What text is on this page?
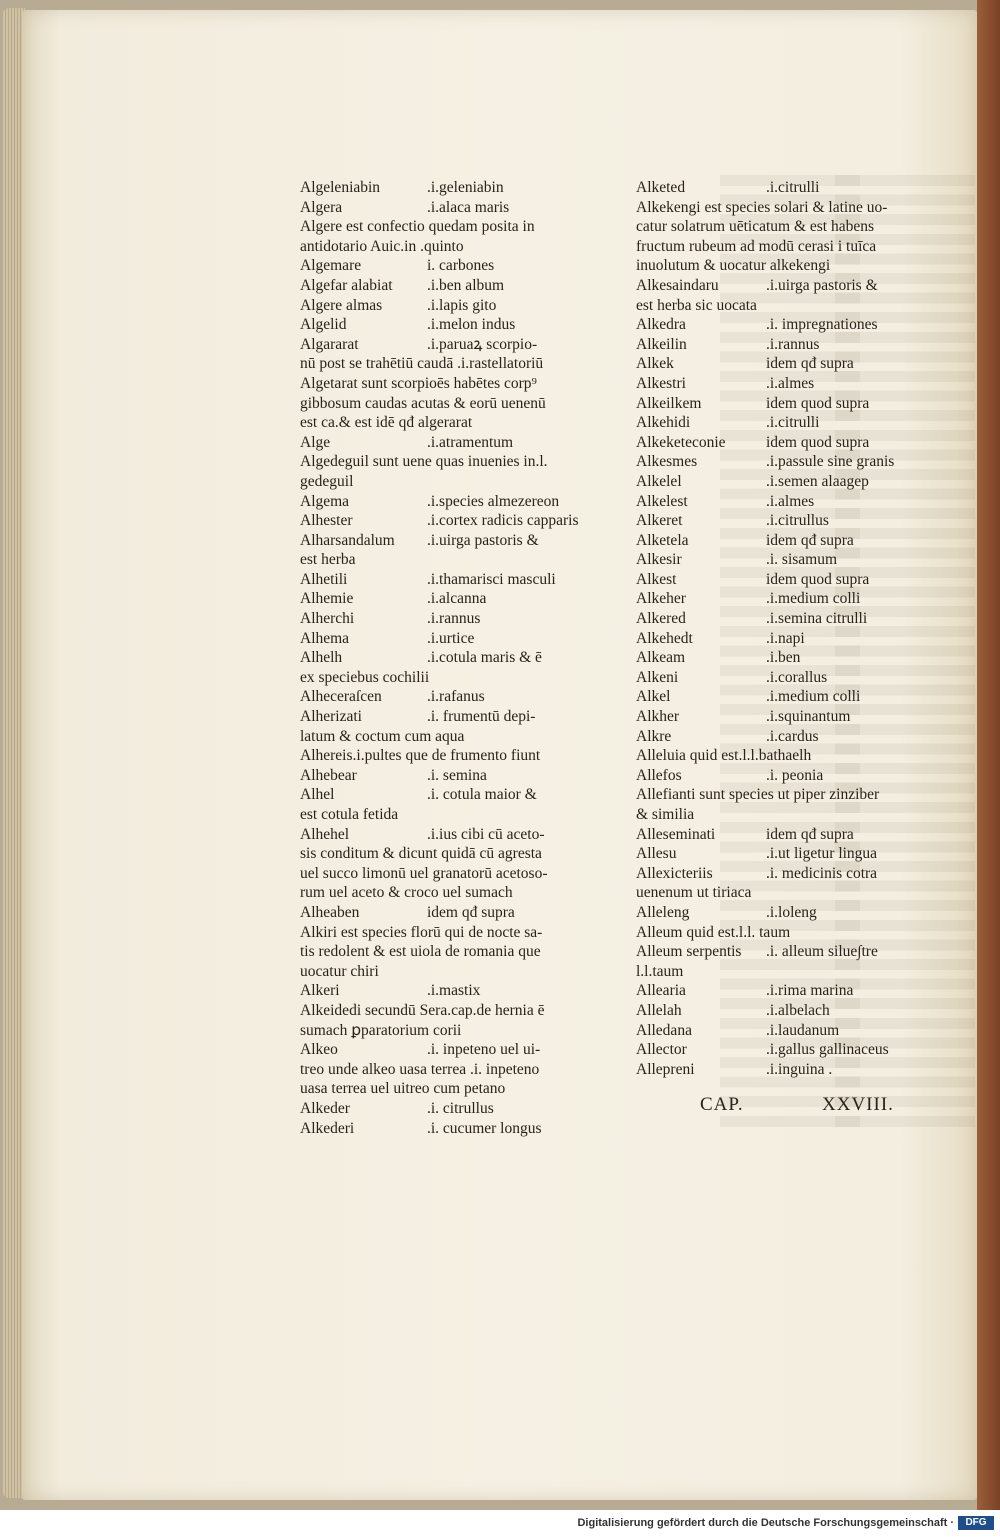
Algeleniabin	.i.geleniabin
Algera	.i.alaca maris
Algere est confectio quedam posita in
antidotario Auic.in .quinto
Algemare	i. carbones
Algefar alabiat .i.ben album
Algere almas	.i.lapis gito
Algelid	.i.melon indus
Algararat	.i.paruaꝝ scorpio-
nū post se trahētiū caudā .i.rastellatoriū
Algetarat sunt scorpioēs habētes corp⁹
gibbosum caudas acutas & eorū uenenū
est ca.& est idē qđ algerarat
Alge	.i.atramentum
Algedeguil sunt uene quas inuenies in.l.
gedeguil
Algema	.i.species almezereon
Alhester	.i.cortex radicis capparis
Alharsandalum .i.uirga pastoris &
est herba
Alhetili	.i.thamarisci masculi
Alhemie	.i.alcanna
Alherchi	.i.rannus
Alhema	.i.urtice
Alhelh	.i.cotula maris & ē
ex speciebus cochilii
Alheceraſcen	.i.rafanus
Alherizati	.i. frumentū depi-
latum & coctum cum aqua
Alhereis.i.pultes que de frumento fiunt
Alhebear	.i. semina
Alhel	.i. cotula maior &
est cotula fetida
Alhehel	.i.ius cibi cū aceto-
sis conditum & dicunt quidā cū agresta
uel succo limonū uel granatorū acetoso-
rum uel aceto & croco uel sumach
Alheaben	idem qđ supra
Alkiri est species florū qui de nocte sa-
tis redolent & est uiola de romania que
uocatur chiri
Alkeri	.i.mastix
Alkeidedi secundū Sera.cap.de hernia ē
sumach ꝑparatorium corii
Alkeo	.i. inpeteno uel ui-
treo unde alkeo uasa terrea .i. inpeteno
uasa terrea uel uitreo cum petano
Alkeder	.i. citrullus
Alkederi	.i. cucumer longus
Alketed	.i.citrulli
Alkekengi est species solari & latine uo-
catur solatrum uēticatum & est habens
fructum rubeum ad modū cerasi i tuīca
inuolutum & uocatur alkekengi
Alkesaindaru	.i.uirga pastoris &
est herba sic uocata
Alkedra	.i. impregnationes
Alkeilin	.i.rannus
Alkek	idem qđ supra
Alkestri	.i.almes
Alkeilkem	idem quod supra
Alkehidi	.i.citrulli
Alkeketeconie	idem quod supra
Alkesmes	.i.passule sine granis
Alkelel	.i.semen alaagep
Alkelest	.i.almes
Alkeret	.i.citrullus
Alketela	idem qđ supra
Alkesir	.i. sisamum
Alkest	idem quod supra
Alkeher	.i.medium colli
Alkered	.i.semina citrulli
Alkehedt	.i.napi
Alkeam	.i.ben
Alkeni	.i.corallus
Alkel	.i.medium colli
Alkher	.i.squinantum
Alkre	.i.cardus
Alleluia quid est.l.l.bathaelh
Allefos	.i. peonia
Allefianti sunt species ut piper zinziber
& similia
Alleseminati	idem qđ supra
Allesu	.i.ut ligetur lingua
Allexicteriis	.i. medicinis cotra
uenenum ut tiriaca
Alleleng	.i.loleng
Alleum quid est.l.l. taum
Alleum serpentis .i. alleum silue∫tre
l.l.taum
Allearia	.i.rima marina
Allelah	.i.albelach
Alledana	.i.laudanum
Allector	.i.gallus gallinaceus
Allepreni	.i.inguina .
CAP.	XXVIII.
Digitalisierung gefördert durch die Deutsche Forschungsgemeinschaft ·	DFG
